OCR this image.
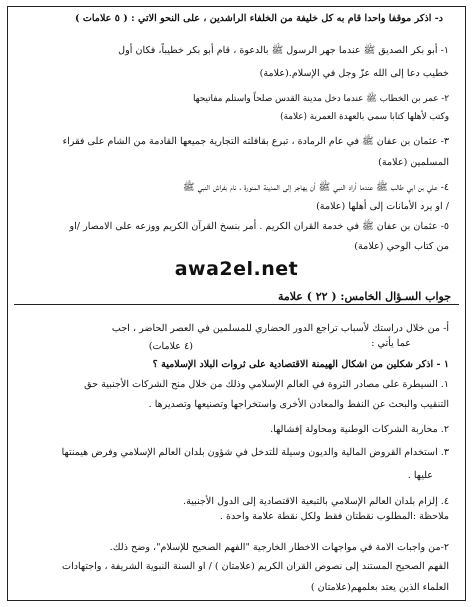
د- اذكر موقفا واحدا قام به كل خليفة من الخلفاء الراشدين ، على النحو الاتي : ( ٥ علامات )
١- أبو بكر الصديق ﷺ عندما جهر الرسول ﷺ بالدعوة ، قام أبو بكر خطيباً، فكان أول
خطيب دعا إلى الله عزّ وجل في الإسلام.(علامة)
٢- عمر بن الخطاب ﷺ عندما دخل مدينة القدس صلحاً واستلم مفاتيحها
وكتب لأهلها كتابا سمي بالعهدة العمرية (علامة)
٣- عثمان بن عفان ﷺ في عام الرمادة ، تبرع بقافلته التجارية جميعها القادمة من الشام على فقراء
المسلمين (علامة)
٤- علي بن ابي طالب ﷺ عندما أراد النبي ﷺ أن يهاجر إلى المدينة المنورة ، نام بفراش النبي ﷺ
/ او يرد الأمانات إلى أهلها (علامة)
٥- عثمان بن عفان ﷺ في خدمة القران الكريم . أمر بنسخ القرآن الكريم ووزعه على الامصار /او
من كتاب الوحي (علامة)
awa2el.net
جواب السـؤال الخامس: ( ٢٢ ) علامة
أ- من خلال دراستك لأسباب تراجع الدور الحضاري للمسلمين في العصر الحاضر ، اجب
عما يأتي :
(٤ علامات)
١ - اذكر شكلين من اشكال الهيمنة الاقتصادية على ثروات البلاد الإسلامية ؟
١. السيطرة على مصادر الثروة في العالم الإسلامي وذلك من خلال منح الشركات الأجنبية حق
التنقيب والبحث عن النفط والمعادن الأخرى واستخراجها وتصنيعها وتصديرها .
٢. محاربة الشركات الوطنية ومحاولة إفشالها.
٣. استخدام القروض المالية والديون وسيلة للتدخل في شؤون بلدان العالم الإسلامي وفرض هيمنتها
عليها .
٤. إلزام بلدان العالم الإسلامي بالتبعية الاقتصادية إلى الدول الأجنبية.
ملاحظة :المطلوب نقطتان فقط ولكل نقطة علامة واحدة .
٢-من واجبات الامة في مواجهات الاخطار الخارجية "الفهم الصحيح للإسلام"، وضح ذلك.
الفهم الصحيح المستند إلى نصوص القران الكريم (علامتان ) / او السنة النبوية الشريفة ، واجتهادات
العلماء الذين يعتد بعلمهم(علامتان )
